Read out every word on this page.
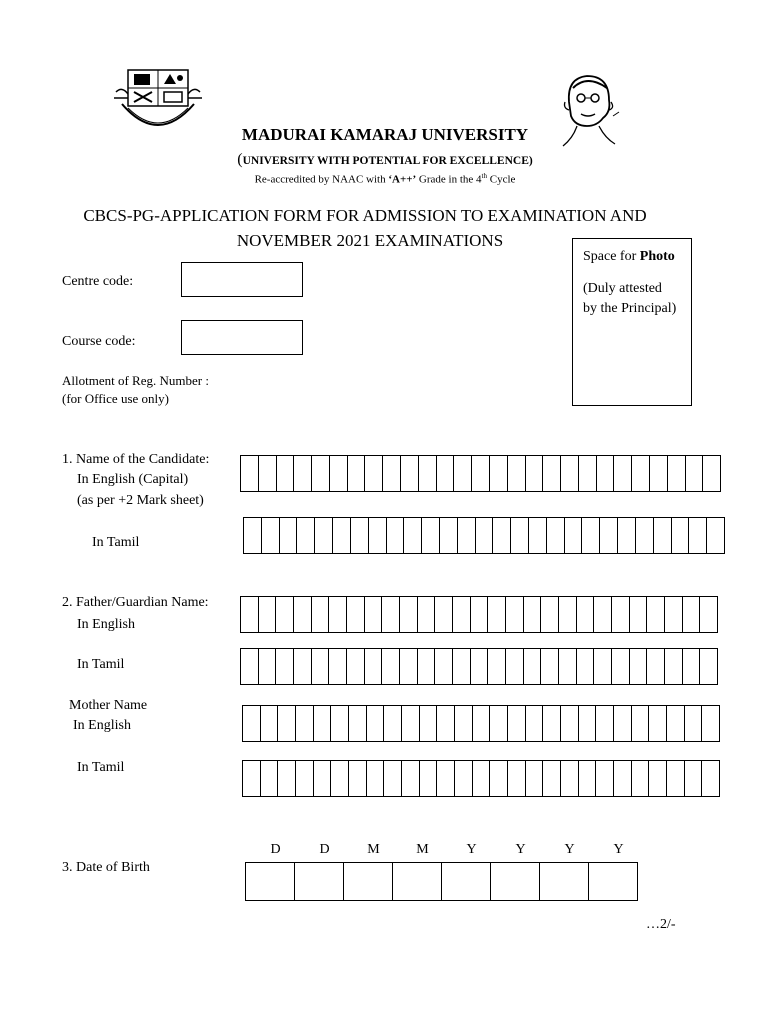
MADURAI KAMARAJ UNIVERSITY
(UNIVERSITY WITH POTENTIAL FOR EXCELLENCE)
Re-accredited by NAAC with ‘A++’ Grade in the 4th Cycle
CBCS-PG-APPLICATION FORM FOR ADMISSION TO EXAMINATION AND
NOVEMBER 2021 EXAMINATIONS
Space for Photo
(Duly attested
by the Principal)
Centre code:
Course code:
Allotment of Reg. Number :
(for Office use only)
1. Name of the Candidate:
In English (Capital)
(as per +2 Mark sheet)
In Tamil
2. Father/Guardian Name:
In English
In Tamil
Mother Name
In English
In Tamil
D	D	M	M	Y	Y	Y	Y
3. Date of Birth
…2/-
